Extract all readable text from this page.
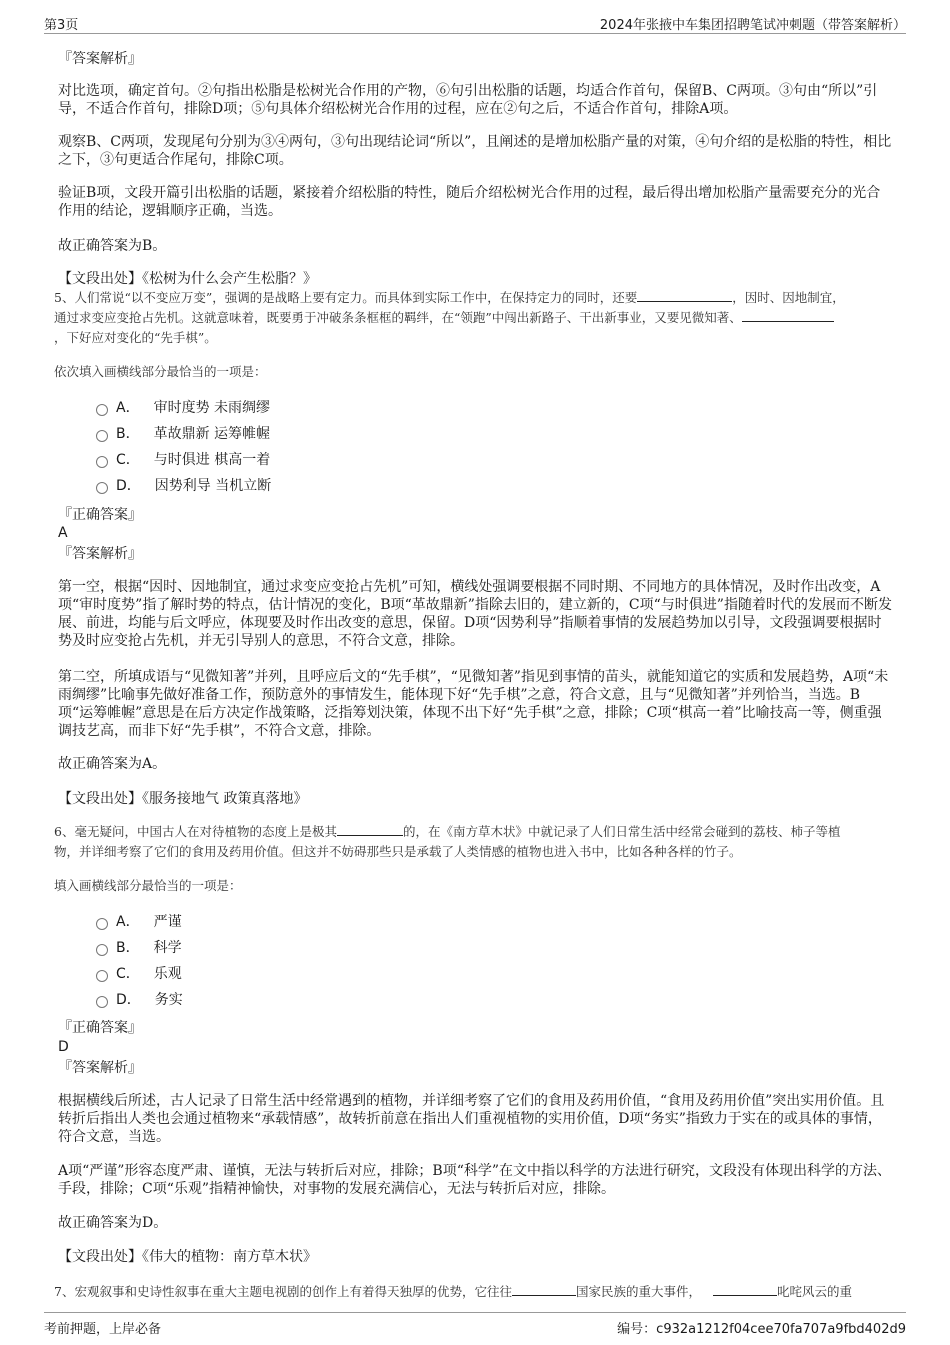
第3页	2024年张掖中车集团招聘笔试冲刺题（带答案解析）

『答案解析』

对比选项，确定首句。②句指出松脂是松树光合作用的产物，⑥句引出松脂的话题，均适合作首句，保留B、C两项。③句由“所以”引导，不适合作首句，排除D项；⑤句具体介绍松树光合作用的过程，应在②句之后，不适合作首句，排除A项。

观察B、C两项，发现尾句分别为③④两句，③句出现结论词“所以”，且阐述的是增加松脂产量的对策，④句介绍的是松脂的特性，相比之下，③句更适合作尾句，排除C项。

验证B项，文段开篇引出松脂的话题，紧接着介绍松脂的特性，随后介绍松树光合作用的过程，最后得出增加松脂产量需要充分的光合作用的结论，逻辑顺序正确，当选。

故正确答案为B。

【文段出处】《松树为什么会产生松脂？》

5、人们常说“以不变应万变”，强调的是战略上要有定力。而具体到实际工作中，在保持定力的同时，还要	，因时、因地制宜，
通过求变应变抢占先机。这就意味着，既要勇于冲破条条框框的羁绊，在“领跑”中闯出新路子、干出新事业，又要见微知著、
，下好应对变化的“先手棋”。

依次填入画横线部分最恰当的一项是：

A． 审时度势 未雨绸缪
B． 革故鼎新 运筹帷幄
C． 与时俱进 棋高一着
D． 因势利导 当机立断

『正确答案』

A

『答案解析』

第一空，根据“因时、因地制宜，通过求变应变抢占先机”可知，横线处强调要根据不同时期、不同地方的具体情况，及时作出改变，A项“审时度势”指了解时势的特点，估计情况的变化，B项“革故鼎新”指除去旧的，建立新的，C项“与时俱进”指随着时代的发展而不断发展、前进，均能与后文呼应，体现要及时作出改变的意思，保留。D项“因势利导”指顺着事情的发展趋势加以引导，文段强调要根据时势及时应变抢占先机，并无引导别人的意思，不符合文意，排除。

第二空，所填成语与“见微知著”并列，且呼应后文的“先手棋”，“见微知著”指见到事情的苗头，就能知道它的实质和发展趋势，A项“未雨绸缪”比喻事先做好准备工作，预防意外的事情发生，能体现下好“先手棋”之意，符合文意，且与“见微知著”并列恰当，当选。B项“运筹帷幄”意思是在后方决定作战策略，泛指筹划決策，体现不出下好“先手棋”之意，排除；C项“棋高一着”比喻技高一等，侧重强调技艺高，而非下好“先手棋”，不符合文意，排除。

故正确答案为A。

【文段出处】《服务接地气 政策真落地》

6、毫无疑问，中国古人在对待植物的态度上是极其	的，在《南方草木状》中就记录了人们日常生活中经常会碰到的荔枝、柿子等植
物，并详细考察了它们的食用及药用价值。但这并不妨碍那些只是承载了人类情感的植物也进入书中，比如各种各样的竹子。

填入画横线部分最恰当的一项是：

A． 严谨
B． 科学
C． 乐观
D． 务实

『正确答案』

D

『答案解析』

根据横线后所述，古人记录了日常生活中经常遇到的植物，并详细考察了它们的食用及药用价值，“食用及药用价值”突出实用价值。且转折后指出人类也会通过植物来“承载情感”，故转折前意在指出人们重视植物的实用价值，D项“务实”指致力于实在的或具体的事情，符合文意，当选。

A项“严谨”形容态度严肃、谨慎，无法与转折后对应，排除；B项“科学”在文中指以科学的方法进行研究，文段没有体现出科学的方法、手段，排除；C项“乐观”指精神愉快，对事物的发展充满信心，无法与转折后对应，排除。

故正确答案为D。

【文段出处】《伟大的植物：南方草木状》

7、宏观叙事和史诗性叙事在重大主题电视剧的创作上有着得天独厚的优势，它往往	国家民族的重大事件，	叱咤风云的重
考前押题，上岸必备	编号：c932a1212f04cee70fa707a9fbd402d9
